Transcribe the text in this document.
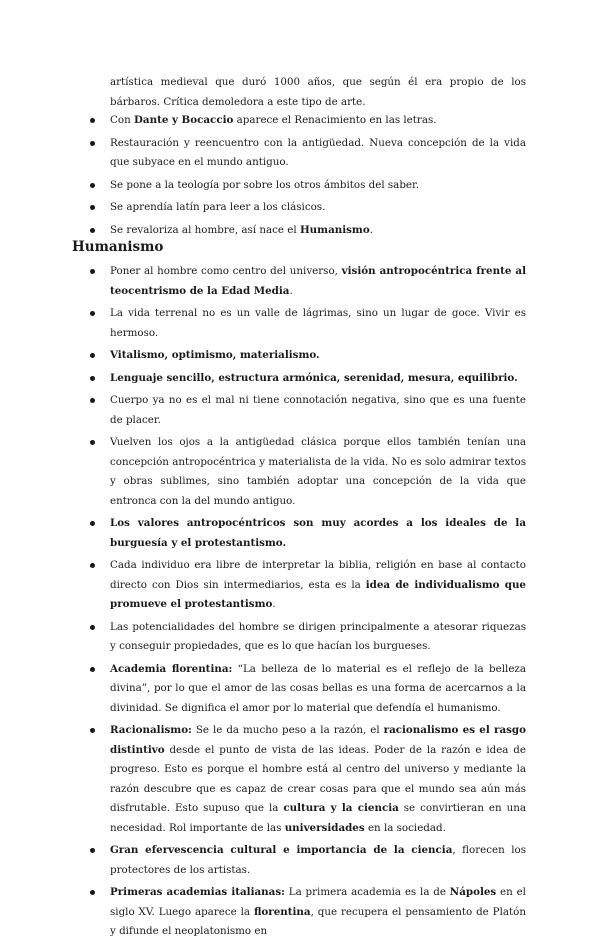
artística medieval que duró 1000 años, que según él era propio de los bárbaros. Crítica demoledora a este tipo de arte.
Con Dante y Bocaccio aparece el Renacimiento en las letras.
Restauración y reencuentro con la antigüedad. Nueva concepción de la vida que subyace en el mundo antiguo.
Se pone a la teología por sobre los otros ámbitos del saber.
Se aprendía latín para leer a los clásicos.
Se revaloriza al hombre, así nace el Humanismo.
Humanismo
Poner al hombre como centro del universo, visión antropocéntrica frente al teocentrismo de la Edad Media.
La vida terrenal no es un valle de lágrimas, sino un lugar de goce. Vivir es hermoso.
Vitalismo, optimismo, materialismo.
Lenguaje sencillo, estructura armónica, serenidad, mesura, equilibrio.
Cuerpo ya no es el mal ni tiene connotación negativa, sino que es una fuente de placer.
Vuelven los ojos a la antigüedad clásica porque ellos también tenían una concepción antropocéntrica y materialista de la vida. No es solo admirar textos y obras sublimes, sino también adoptar una concepción de la vida que entronca con la del mundo antiguo.
Los valores antropocéntricos son muy acordes a los ideales de la burguesía y el protestantismo.
Cada individuo era libre de interpretar la biblia, religión en base al contacto directo con Dios sin intermediarios, esta es la idea de individualismo que promueve el protestantismo.
Las potencialidades del hombre se dirigen principalmente a atesorar riquezas y conseguir propiedades, que es lo que hacían los burgueses.
Academia florentina: “La belleza de lo material es el reflejo de la belleza divina”, por lo que el amor de las cosas bellas es una forma de acercarnos a la divinidad. Se dignifica el amor por lo material que defendía el humanismo.
Racionalismo: Se le da mucho peso a la razón, el racionalismo es el rasgo distintivo desde el punto de vista de las ideas. Poder de la razón e idea de progreso. Esto es porque el hombre está al centro del universo y mediante la razón descubre que es capaz de crear cosas para que el mundo sea aún más disfrutable. Esto supuso que la cultura y la ciencia se convirtieran en una necesidad. Rol importante de las universidades en la sociedad.
Gran efervescencia cultural e importancia de la ciencia, florecen los protectores de los artistas.
Primeras academias italianas: La primera academia es la de Nápoles en el siglo XV. Luego aparece la florentina, que recupera el pensamiento de Platón y difunde el neoplatonismo en
